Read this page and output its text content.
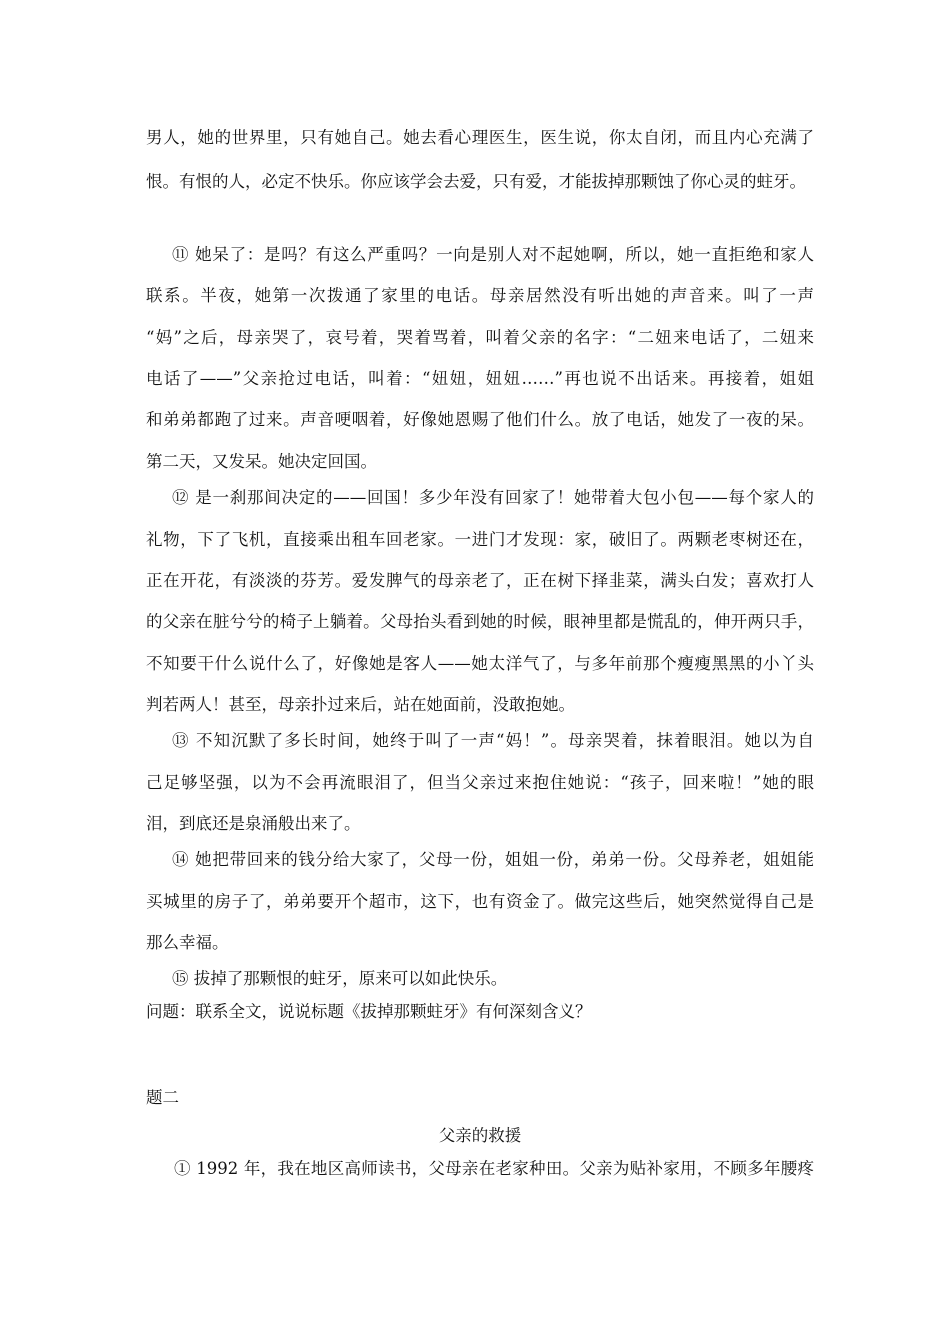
男人，她的世界里，只有她自己。她去看心理医生，医生说，你太自闭，而且内心充满了
恨。有恨的人，必定不快乐。你应该学会去爱，只有爱，才能拔掉那颗蚀了你心灵的蛀牙。
⑪ 她呆了：是吗？有这么严重吗？一向是别人对不起她啊，所以，她一直拒绝和家人
联系。半夜，她第一次拨通了家里的电话。母亲居然没有听出她的声音来。叫了一声
“妈”之后，母亲哭了，哀号着，哭着骂着，叫着父亲的名字：“二妞来电话了，二妞来
电话了——”父亲抢过电话，叫着：“妞妞，妞妞……”再也说不出话来。再接着，姐姐
和弟弟都跑了过来。声音哽咽着，好像她恩赐了他们什么。放了电话，她发了一夜的呆。
第二天，又发呆。她决定回国。
⑫ 是一刹那间决定的——回国！多少年没有回家了！她带着大包小包——每个家人的
礼物，下了飞机，直接乘出租车回老家。一进门才发现：家，破旧了。两颗老枣树还在，
正在开花，有淡淡的芬芳。爱发脾气的母亲老了，正在树下择韭菜，满头白发；喜欢打人
的父亲在脏兮兮的椅子上躺着。父母抬头看到她的时候，眼神里都是慌乱的，伸开两只手，
不知要干什么说什么了，好像她是客人——她太洋气了，与多年前那个瘦瘦黑黑的小丫头
判若两人！甚至，母亲扑过来后，站在她面前，没敢抱她。
⑬ 不知沉默了多长时间，她终于叫了一声“妈！”。母亲哭着，抹着眼泪。她以为自
己足够坚强，以为不会再流眼泪了，但当父亲过来抱住她说：“孩子，回来啦！”她的眼
泪，到底还是泉涌般出来了。
⑭ 她把带回来的钱分给大家了，父母一份，姐姐一份，弟弟一份。父母养老，姐姐能
买城里的房子了，弟弟要开个超市，这下，也有资金了。做完这些后，她突然觉得自己是
那么幸福。
⑮ 拔掉了那颗恨的蛀牙，原来可以如此快乐。
问题：联系全文，说说标题《拔掉那颗蛀牙》有何深刻含义？
题二
父亲的救援
① 1992 年，我在地区高师读书，父母亲在老家种田。父亲为贴补家用，不顾多年腰疼
